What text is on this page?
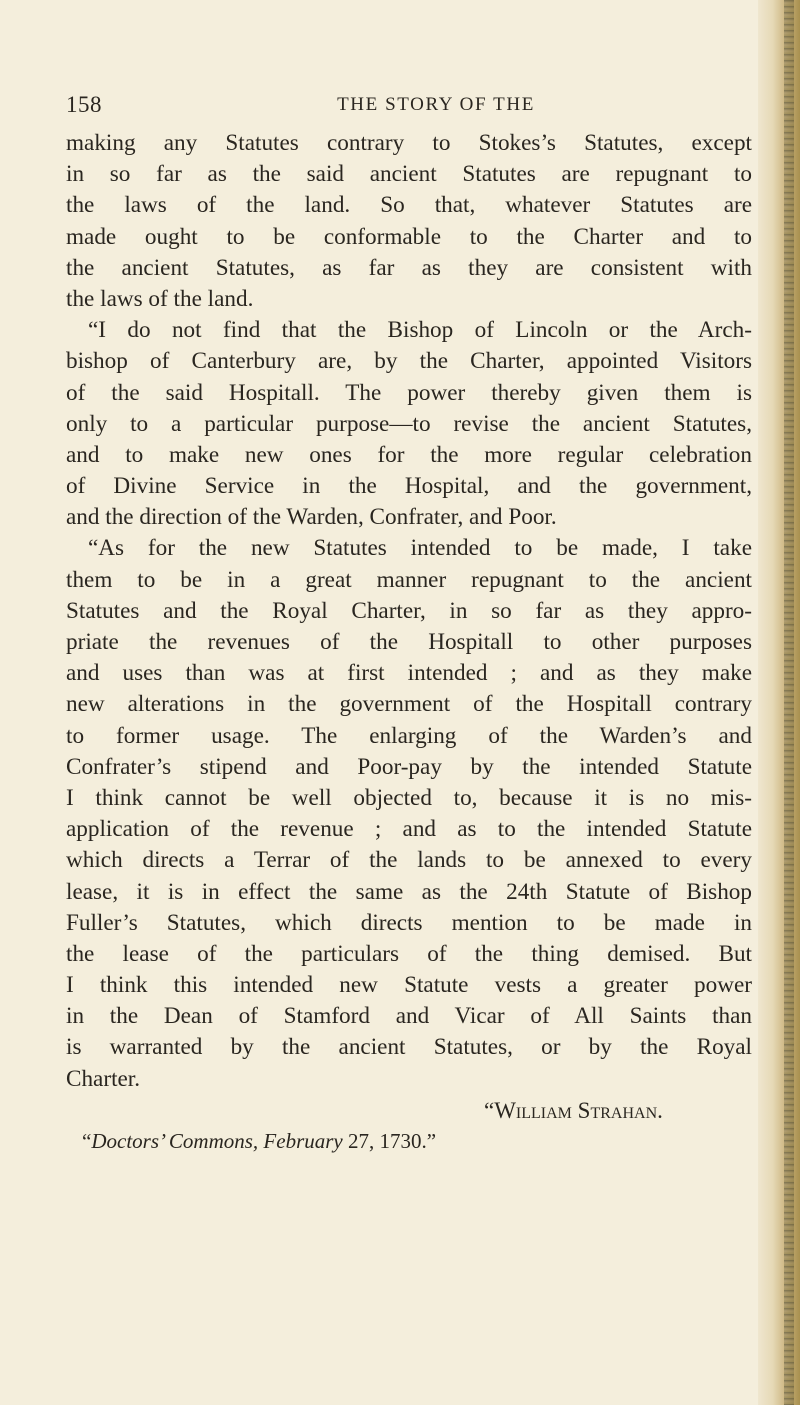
158	THE STORY OF THE
making any Statutes contrary to Stokes’s Statutes, except
in so far as the said ancient Statutes are repugnant to
the laws of the land. So that, whatever Statutes are
made ought to be conformable to the Charter and to
the ancient Statutes, as far as they are consistent with
the laws of the land.
“I do not find that the Bishop of Lincoln or the Arch-
bishop of Canterbury are, by the Charter, appointed Visitors
of the said Hospitall. The power thereby given them is
only to a particular purpose—to revise the ancient Statutes,
and to make new ones for the more regular celebration
of Divine Service in the Hospital, and the government,
and the direction of the Warden, Confrater, and Poor.
“As for the new Statutes intended to be made, I take
them to be in a great manner repugnant to the ancient
Statutes and the Royal Charter, in so far as they appro-
priate the revenues of the Hospitall to other purposes
and uses than was at first intended ; and as they make
new alterations in the government of the Hospitall contrary
to former usage. The enlarging of the Warden’s and
Confrater’s stipend and Poor-pay by the intended Statute
I think cannot be well objected to, because it is no mis-
application of the revenue ; and as to the intended Statute
which directs a Terrar of the lands to be annexed to every
lease, it is in effect the same as the 24th Statute of Bishop
Fuller’s Statutes, which directs mention to be made in
the lease of the particulars of the thing demised. But
I think this intended new Statute vests a greater power
in the Dean of Stamford and Vicar of All Saints than
is warranted by the ancient Statutes, or by the Royal
Charter.
“William Strahan.
“Doctors’ Commons, February 27, 1730.”
